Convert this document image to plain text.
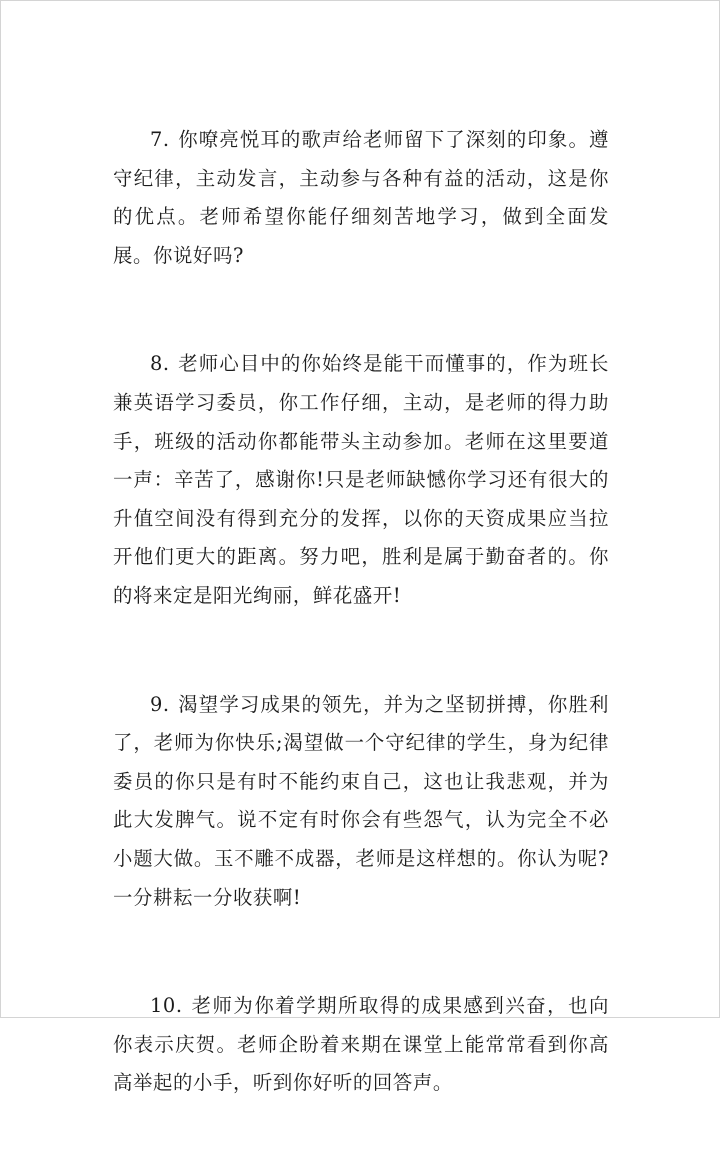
7. 你嘹亮悦耳的歌声给老师留下了深刻的印象。遵守纪律，主动发言，主动参与各种有益的活动，这是你的优点。老师希望你能仔细刻苦地学习，做到全面发展。你说好吗?

8. 老师心目中的你始终是能干而懂事的，作为班长兼英语学习委员，你工作仔细，主动，是老师的得力助手，班级的活动你都能带头主动参加。老师在这里要道一声：辛苦了，感谢你!只是老师缺憾你学习还有很大的升值空间没有得到充分的发挥，以你的天资成果应当拉开他们更大的距离。努力吧，胜利是属于勤奋者的。你的将来定是阳光绚丽，鲜花盛开!

9. 渴望学习成果的领先，并为之坚韧拼搏，你胜利了，老师为你快乐;渴望做一个守纪律的学生，身为纪律委员的你只是有时不能约束自己，这也让我悲观，并为此大发脾气。说不定有时你会有些怨气，认为完全不必小题大做。玉不雕不成器，老师是这样想的。你认为呢?一分耕耘一分收获啊!

10. 老师为你着学期所取得的成果感到兴奋，也向你表示庆贺。老师企盼着来期在课堂上能常常看到你高高举起的小手，听到你好听的回答声。
